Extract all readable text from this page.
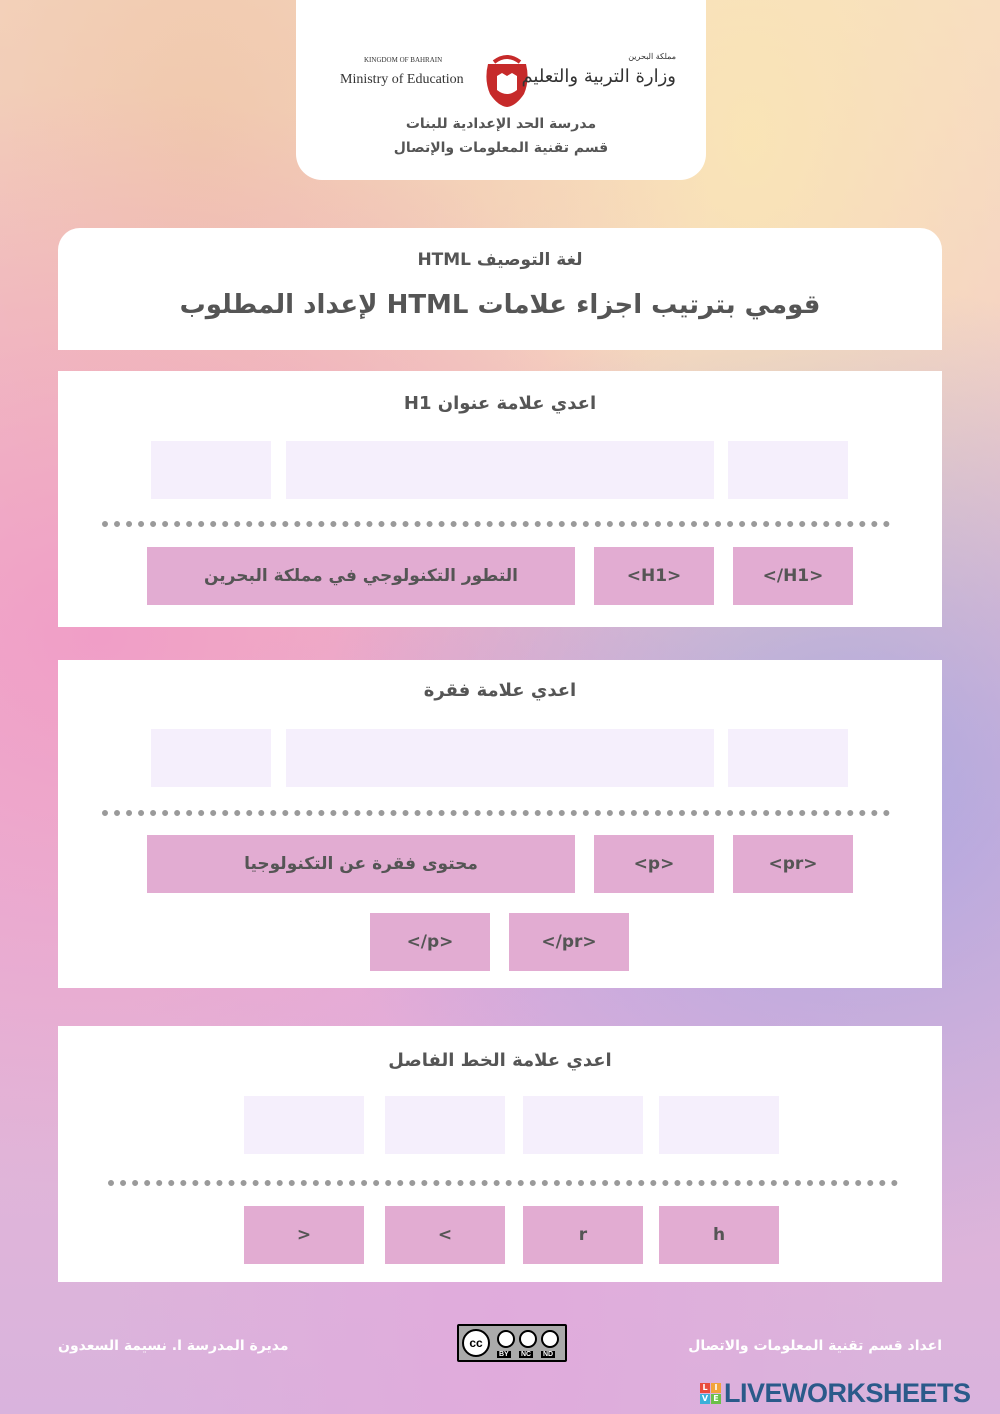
KINGDOM OF BAHRAIN
Ministry of Education
مملكة البحرين
وزارة التربية والتعليم
مدرسة الحد الإعدادية للبنات
قسم تقنية المعلومات والإتصال
لغة التوصيف HTML
قومي بترتيب اجزاء علامات HTML لإعداد المطلوب
اعدي علامة عنوان H1
</H1>
<H1>
التطور التكنولوجي في مملكة البحرين
اعدي علامة فقرة
<pr>
<p>
محتوى فقرة عن التكنولوجيا
</pr>
</p>
اعدي علامة الخط الفاصل
h
r
<
>
اعداد قسم تقنية المعلومات والاتصال
مديرة المدرسة ا. نسيمة السعدون	cc
BY NC ND
L I
V E LIVEWORKSHEETS
